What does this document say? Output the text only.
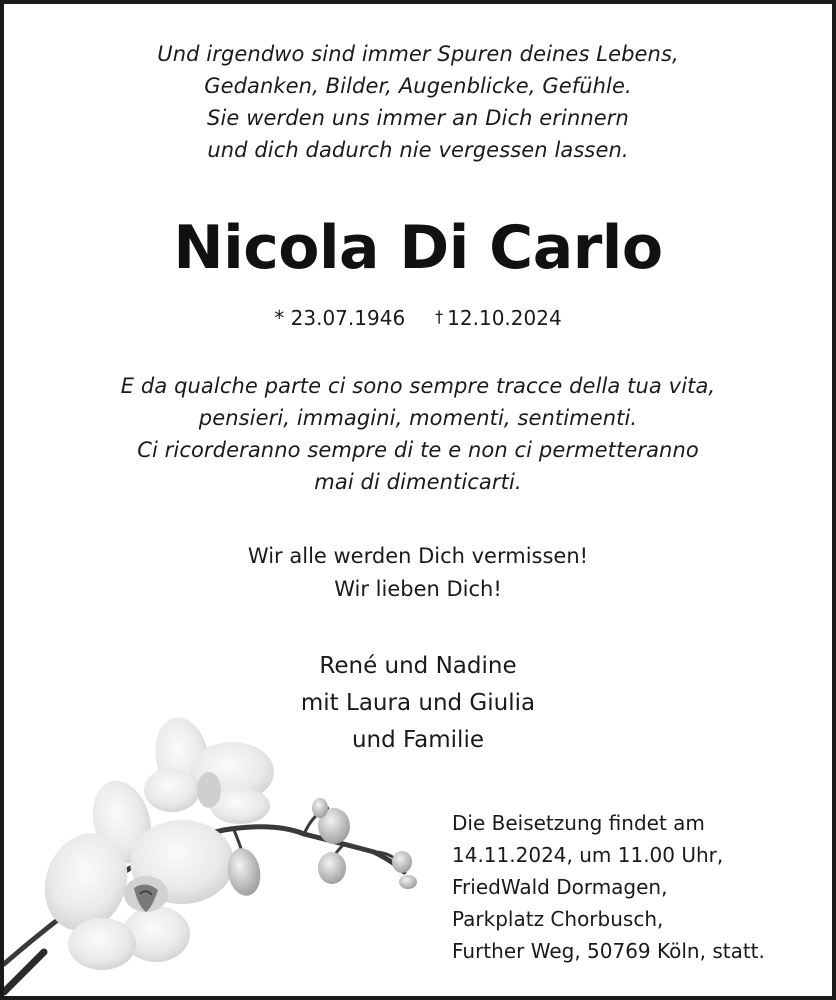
Und irgendwo sind immer Spuren deines Lebens,
Gedanken, Bilder, Augenblicke, Gefühle.
Sie werden uns immer an Dich erinnern
und dich dadurch nie vergessen lassen.
Nicola Di Carlo
* 23.07.1946 † 12.10.2024
E da qualche parte ci sono sempre tracce della tua vita,
pensieri, immagini, momenti, sentimenti.
Ci ricorderanno sempre di te e non ci permetteranno
mai di dimenticarti.
Wir alle werden Dich vermissen!
Wir lieben Dich!
René und Nadine
mit Laura und Giulia
und Familie
Die Beisetzung findet am
14.11.2024, um 11.00 Uhr,
FriedWald Dormagen,
Parkplatz Chorbusch,
Further Weg, 50769 Köln, statt.
